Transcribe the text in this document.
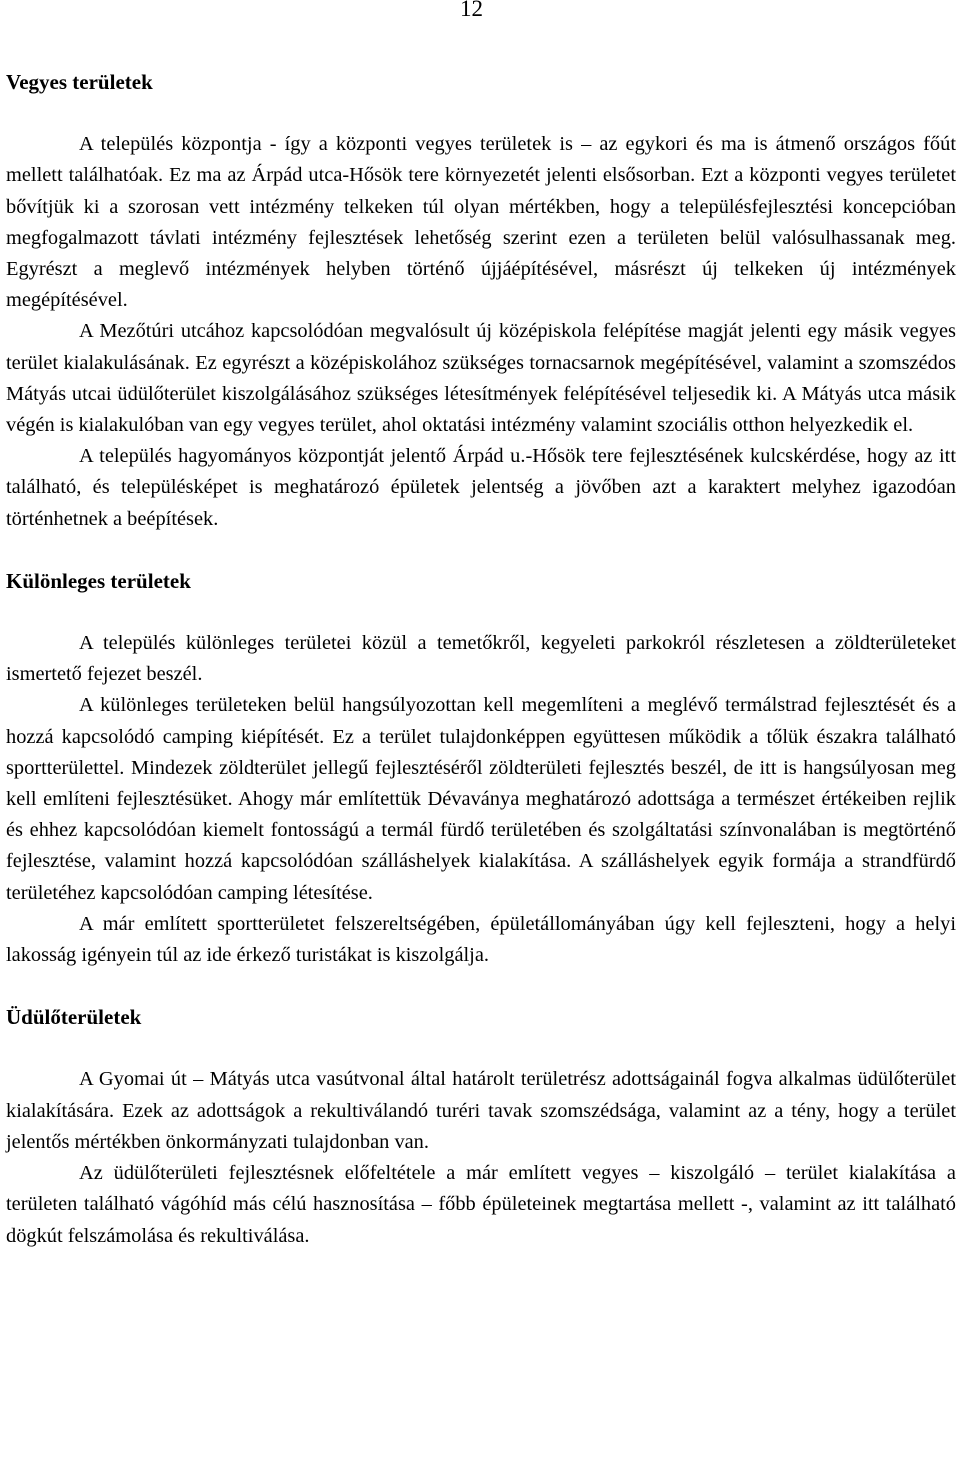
12
Vegyes területek

A település központja - így a központi vegyes területek is – az egykori és ma is átmenő országos főút mellett találhatóak. Ez ma az Árpád utca-Hősök tere környezetét jelenti elsősorban. Ezt a központi vegyes területet bővítjük ki a szorosan vett intézmény telkeken túl olyan mértékben, hogy a településfejlesztési koncepcióban megfogalmazott távlati intézmény fejlesztések lehetőség szerint ezen a területen belül valósulhassanak meg. Egyrészt a meglevő intézmények helyben történő újjáépítésével, másrészt új telkeken új intézmények megépítésével.

A Mezőtúri utcához kapcsolódóan megvalósult új középiskola felépítése magját jelenti egy másik vegyes terület kialakulásának. Ez egyrészt a középiskolához szükséges tornacsarnok megépítésével, valamint a szomszédos Mátyás utcai üdülőterület kiszolgálásához szükséges létesítmények felépítésével teljesedik ki. A Mátyás utca másik végén is kialakulóban van egy vegyes terület, ahol oktatási intézmény valamint szociális otthon helyezkedik el.

A település hagyományos központját jelentő Árpád u.-Hősök tere fejlesztésének kulcskérdése, hogy az itt található, és településképet is meghatározó épületek jelentség a jövőben azt a karaktert melyhez igazodóan történhetnek a beépítések.

Különleges területek

A település különleges területei közül a temetőkről, kegyeleti parkokról részletesen a zöldterületeket ismertető fejezet beszél.

A különleges területeken belül hangsúlyozottan kell megemlíteni a meglévő termálstrad fejlesztését és a hozzá kapcsolódó camping kiépítését. Ez a terület tulajdonképpen együttesen működik a tőlük északra található sportterülettel. Mindezek zöldterület jellegű fejlesztéséről zöldterületi fejlesztés beszél, de itt is hangsúlyosan meg kell említeni fejlesztésüket. Ahogy már említettük Dévaványa meghatározó adottsága a természet értékeiben rejlik és ehhez kapcsolódóan kiemelt fontosságú a termál fürdő területében és szolgáltatási színvonalában is megtörténő fejlesztése, valamint hozzá kapcsolódóan szálláshelyek kialakítása. A szálláshelyek egyik formája a strandfürdő területéhez kapcsolódóan camping létesítése.

A már említett sportterületet felszereltségében, épületállományában úgy kell fejleszteni, hogy a helyi lakosság igényein túl az ide érkező turistákat is kiszolgálja.

Üdülőterületek

A Gyomai út – Mátyás utca vasútvonal által határolt területrész adottságainál fogva alkalmas üdülőterület kialakítására. Ezek az adottságok a rekultiválandó turéri tavak szomszédsága, valamint az a tény, hogy a terület jelentős mértékben önkormányzati tulajdonban van.

Az üdülőterületi fejlesztésnek előfeltétele a már említett vegyes – kiszolgáló – terület kialakítása a területen található vágóhíd más célú hasznosítása – főbb épületeinek megtartása mellett -, valamint az itt található dögkút felszámolása és rekultiválása.
